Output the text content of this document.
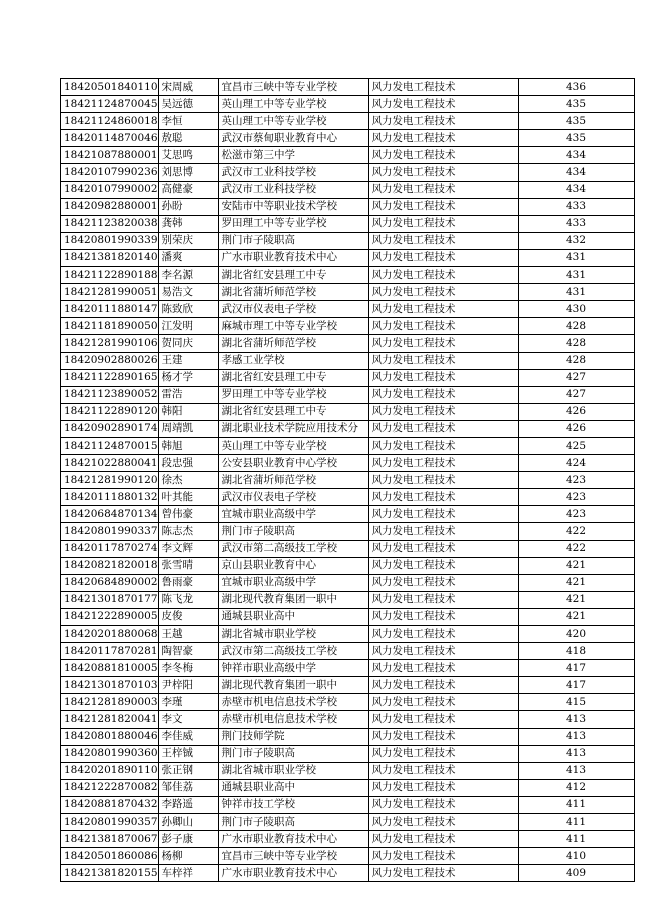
18420501840110	宋周威	宜昌市三峡中等专业学校	风力发电工程技术	436
18421124870045	吴远德	英山理工中等专业学校	风力发电工程技术	435
18421124860018	李恒	英山理工中等专业学校	风力发电工程技术	435
18420114870046	敖聪	武汉市蔡甸职业教育中心	风力发电工程技术	435
18421087880001	艾思鸣	松滋市第三中学	风力发电工程技术	434
18420107990236	刘思博	武汉市工业科技学校	风力发电工程技术	434
18420107990002	高健豪	武汉市工业科技学校	风力发电工程技术	434
18420982880001	孙盼	安陆市中等职业技术学校	风力发电工程技术	433
18421123820038	龚韩	罗田理工中等专业学校	风力发电工程技术	433
18420801990339	别荣庆	荆门市子陵职高	风力发电工程技术	432
18421381820140	潘爽	广水市职业教育技术中心	风力发电工程技术	431
18421122890188	李名源	湖北省红安县理工中专	风力发电工程技术	431
18421281990051	易浩文	湖北省蒲圻师范学校	风力发电工程技术	431
18420111880147	陈致欣	武汉市仪表电子学校	风力发电工程技术	430
18421181890050	江发明	麻城市理工中等专业学校	风力发电工程技术	428
18421281990106	贺同庆	湖北省蒲圻师范学校	风力发电工程技术	428
18420902880026	王建	孝感工业学校	风力发电工程技术	428
18421122890165	杨才学	湖北省红安县理工中专	风力发电工程技术	427
18421123890052	雷浩	罗田理工中等专业学校	风力发电工程技术	427
18421122890120	韩阳	湖北省红安县理工中专	风力发电工程技术	426
18420902890174	周靖凯	湖北职业技术学院应用技术分	风力发电工程技术	426
18421124870015	韩旭	英山理工中等专业学校	风力发电工程技术	425
18421022880041	段忠强	公安县职业教育中心学校	风力发电工程技术	424
18421281990120	徐杰	湖北省蒲圻师范学校	风力发电工程技术	423
18420111880132	叶其能	武汉市仪表电子学校	风力发电工程技术	423
18420684870134	曾伟豪	宜城市职业高级中学	风力发电工程技术	423
18420801990337	陈志杰	荆门市子陵职高	风力发电工程技术	422
18420117870274	李文辉	武汉市第二高级技工学校	风力发电工程技术	422
18420821820018	张雪晴	京山县职业教育中心	风力发电工程技术	421
18420684890002	鲁雨豪	宜城市职业高级中学	风力发电工程技术	421
18421301870177	陈飞龙	湖北现代教育集团一职中	风力发电工程技术	421
18421222890005	皮俊	通城县职业高中	风力发电工程技术	421
18420201880068	王越	湖北省城市职业学校	风力发电工程技术	420
18420117870281	陶智豪	武汉市第二高级技工学校	风力发电工程技术	418
18420881810005	李冬梅	钟祥市职业高级中学	风力发电工程技术	417
18421301870103	尹梓阳	湖北现代教育集团一职中	风力发电工程技术	417
18421281890003	李瑾	赤壁市机电信息技术学校	风力发电工程技术	415
18421281820041	李文	赤壁市机电信息技术学校	风力发电工程技术	413
18420801880046	李佳威	荆门技师学院	风力发电工程技术	413
18420801990360	王梓铖	荆门市子陵职高	风力发电工程技术	413
18420201890110	张正钢	湖北省城市职业学校	风力发电工程技术	413
18421222870082	邹佳荔	通城县职业高中	风力发电工程技术	412
18420881870432	李路遥	钟祥市技工学校	风力发电工程技术	411
18420801990357	孙卿山	荆门市子陵职高	风力发电工程技术	411
18421381870067	彭子康	广水市职业教育技术中心	风力发电工程技术	411
18420501860086	杨柳	宜昌市三峡中等专业学校	风力发电工程技术	410
18421381820155	车梓祥	广水市职业教育技术中心	风力发电工程技术	409
